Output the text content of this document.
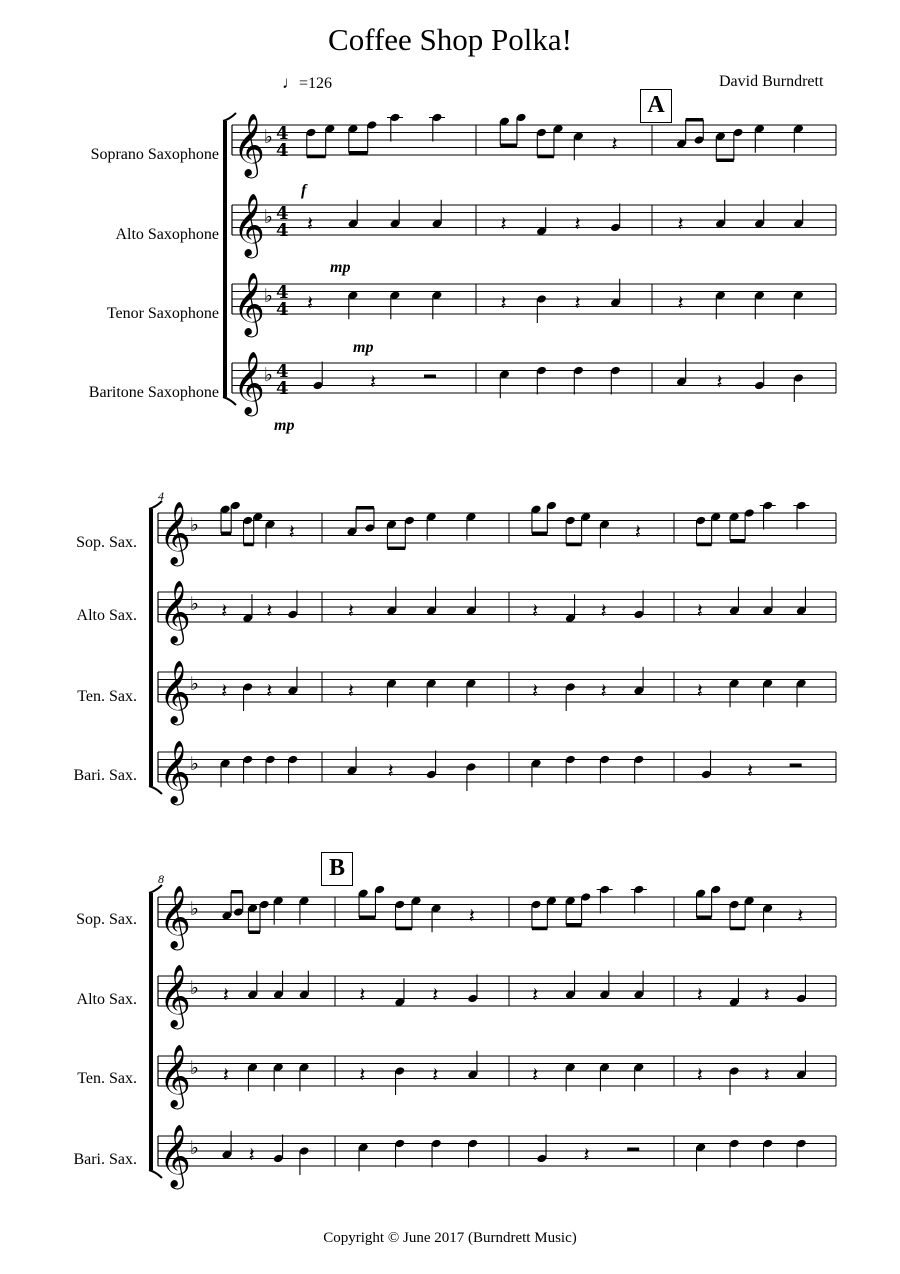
Coffee Shop Polka!
David Burndrett
♩=126
A
B
Soprano Saxophone
Alto Saxophone
Tenor Saxophone
Baritone Saxophone
4
Sop. Sax.
Alto Sax.
Ten. Sax.
Bari. Sax.
8
Sop. Sax.
Alto Sax.
Ten. Sax.
Bari. Sax.
f
mp
mp
mp
𝄞 ♭ 4
4	𝄽
𝄞 ♭ 4
4 𝄽	𝄽	𝄽	𝄽
𝄞 ♭ 4
4 𝄽	𝄽	𝄽	𝄽
𝄞 ♭ 4
4	𝄽	𝄽
𝄞 ♭	𝄽	𝄽
𝄞 ♭ 𝄽 𝄽	𝄽	𝄽	𝄽	𝄽
𝄞 ♭ 𝄽 𝄽	𝄽	𝄽	𝄽	𝄽
𝄞 ♭	𝄽	𝄽
𝄞 ♭	𝄽	𝄽
𝄞 ♭ 𝄽	𝄽	𝄽	𝄽	𝄽	𝄽
𝄞 ♭ 𝄽	𝄽	𝄽	𝄽	𝄽	𝄽
𝄞 ♭ 𝄽	𝄽
Copyright © June 2017 (Burndrett Music)
